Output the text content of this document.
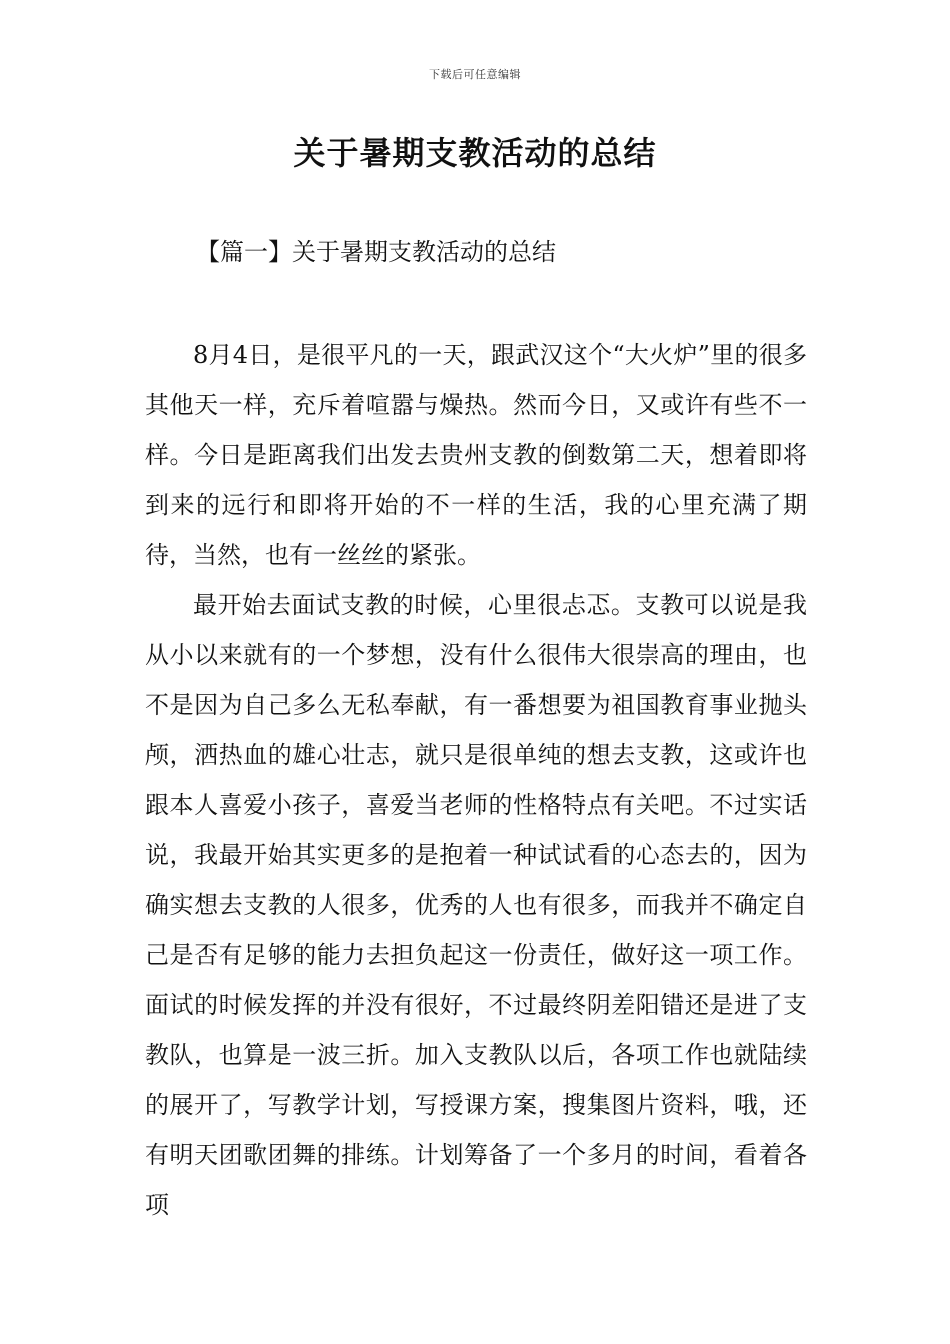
下载后可任意编辑
关于暑期支教活动的总结
【篇一】关于暑期支教活动的总结

8月4日，是很平凡的一天，跟武汉这个“大火炉”里的很多其他天一样，充斥着喧嚣与燥热。然而今日，又或许有些不一样。今日是距离我们出发去贵州支教的倒数第二天，想着即将到来的远行和即将开始的不一样的生活，我的心里充满了期待，当然，也有一丝丝的紧张。

最开始去面试支教的时候，心里很忐忑。支教可以说是我从小以来就有的一个梦想，没有什么很伟大很崇高的理由，也不是因为自己多么无私奉献，有一番想要为祖国教育事业抛头颅，洒热血的雄心壮志，就只是很单纯的想去支教，这或许也跟本人喜爱小孩子，喜爱当老师的性格特点有关吧。不过实话说，我最开始其实更多的是抱着一种试试看的心态去的，因为确实想去支教的人很多，优秀的人也有很多，而我并不确定自己是否有足够的能力去担负起这一份责任，做好这一项工作。面试的时候发挥的并没有很好，不过最终阴差阳错还是进了支教队，也算是一波三折。加入支教队以后，各项工作也就陆续的展开了，写教学计划，写授课方案，搜集图片资料，哦，还有明天团歌团舞的排练。计划筹备了一个多月的时间，看着各项
